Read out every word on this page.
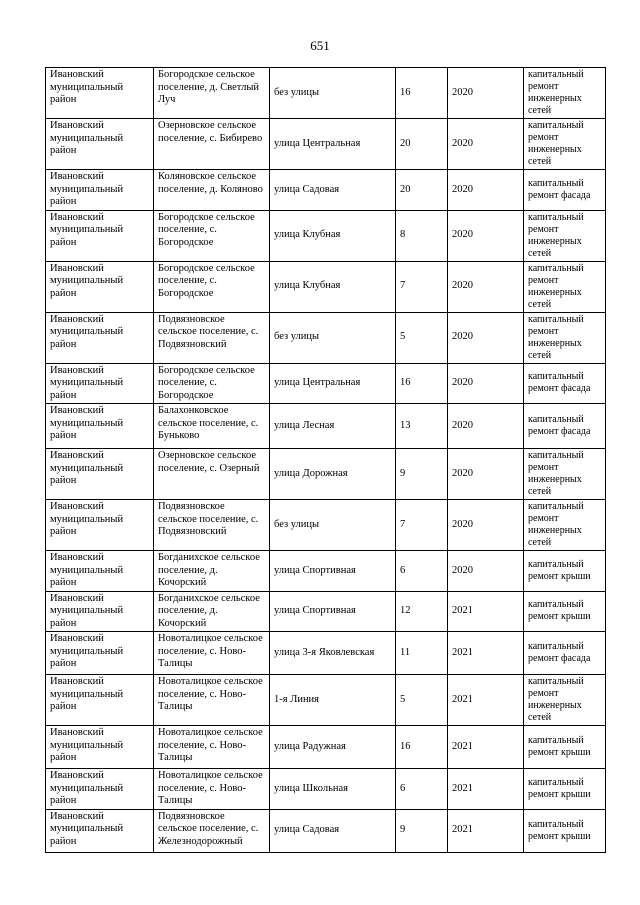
651
Ивановский муниципальный район	Богородское сельское поселение, д. Светлый Луч	без улицы	16	2020	капитальный ремонт инженерных сетей
Ивановский муниципальный район	Озерновское сельское поселение, с. Бибирево	улица Центральная	20	2020	капитальный ремонт инженерных сетей
Ивановский муниципальный район	Коляновское сельское поселение, д. Коляново	улица Садовая	20	2020	капитальный ремонт фасада
Ивановский муниципальный район	Богородское сельское поселение, с. Богородское	улица Клубная	8	2020	капитальный ремонт инженерных сетей
Ивановский муниципальный район	Богородское сельское поселение, с. Богородское	улица Клубная	7	2020	капитальный ремонт инженерных сетей
Ивановский муниципальный район	Подвязновское сельское поселение, с. Подвязновский	без улицы	5	2020	капитальный ремонт инженерных сетей
Ивановский муниципальный район	Богородское сельское поселение, с. Богородское	улица Центральная	16	2020	капитальный ремонт фасада
Ивановский муниципальный район	Балахонковское сельское поселение, с. Буньково	улица Лесная	13	2020	капитальный ремонт фасада
Ивановский муниципальный район	Озерновское сельское поселение, с. Озерный	улица Дорожная	9	2020	капитальный ремонт инженерных сетей
Ивановский муниципальный район	Подвязновское сельское поселение, с. Подвязновский	без улицы	7	2020	капитальный ремонт инженерных сетей
Ивановский муниципальный район	Богданихское сельское поселение, д. Кочорский	улица Спортивная	6	2020	капитальный ремонт крыши
Ивановский муниципальный район	Богданихское сельское поселение, д. Кочорский	улица Спортивная	12	2021	капитальный ремонт крыши
Ивановский муниципальный район	Новоталицкое сельское поселение, с. Ново-Талицы	улица 3-я Яковлевская	11	2021	капитальный ремонт фасада
Ивановский муниципальный район	Новоталицкое сельское поселение, с. Ново-Талицы	1-я Линия	5	2021	капитальный ремонт инженерных сетей
Ивановский муниципальный район	Новоталицкое сельское поселение, с. Ново-Талицы	улица Радужная	16	2021	капитальный ремонт крыши
Ивановский муниципальный район	Новоталицкое сельское поселение, с. Ново-Талицы	улица Школьная	6	2021	капитальный ремонт крыши
Ивановский муниципальный район	Подвязновское сельское поселение, с. Железнодорожный	улица Садовая	9	2021	капитальный ремонт крыши
